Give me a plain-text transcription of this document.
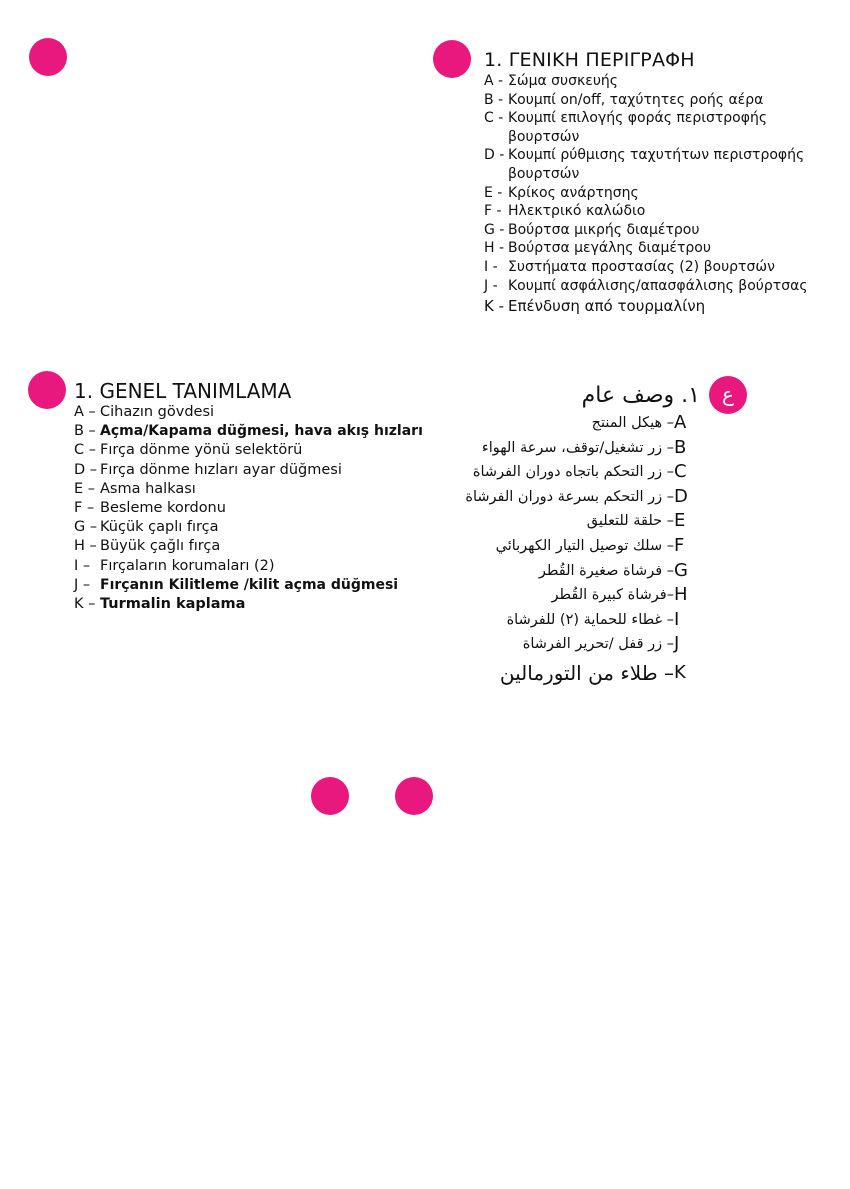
ع
1. ΓΕΝΙΚΗ ΠΕΡΙΓΡΑΦΗ
A - Σώμα συσκευής
B - Κουμπί on/off, ταχύτητες ροής αέρα
C - Κουμπί επιλογής φοράς περιστροφής βουρτσών
D - Κουμπί ρύθμισης ταχυτήτων περιστροφής βουρτσών
E - Κρίκος ανάρτησης
F - Ηλεκτρικό καλώδιο
G - Βούρτσα μικρής διαμέτρου
H - Βούρτσα μεγάλης διαμέτρου
I - Συστήματα προστασίας (2) βουρτσών
J - Κουμπί ασφάλισης/απασφάλισης βούρτσας
K - Επένδυση από τουρμαλίνη
1. GENEL TANIMLAMA
A – Cihazın gövdesi
B – Açma/Kapama düğmesi, hava akış hızları
C – Fırça dönme yönü selektörü
D – Fırça dönme hızları ayar düğmesi
E – Asma halkası
F – Besleme kordonu
G – Küçük çaplı fırça
H – Büyük çağlı fırça
I – Fırçaların korumaları (2)
J – Fırçanın Kilitleme /kilit açma düğmesi
K – Turmalin kaplama
١. وصف عام
A
– هيكل المنتج
B
– زر تشغيل/توقف، سرعة الهواء
C
– زر التحكم باتجاه دوران الفرشاة
D
– زر التحكم بسرعة دوران الفرشاة
E
– حلقة للتعليق
F
– سلك توصيل التيار الكهربائي
G
– فرشاة صغيرة القُطر
H
–فرشاة كبيرة القُطر
I
– غطاء للحماية (٢) للفرشاة
J
– زر قفل /تحرير الفرشاة
K
– طلاء من التورمالين
